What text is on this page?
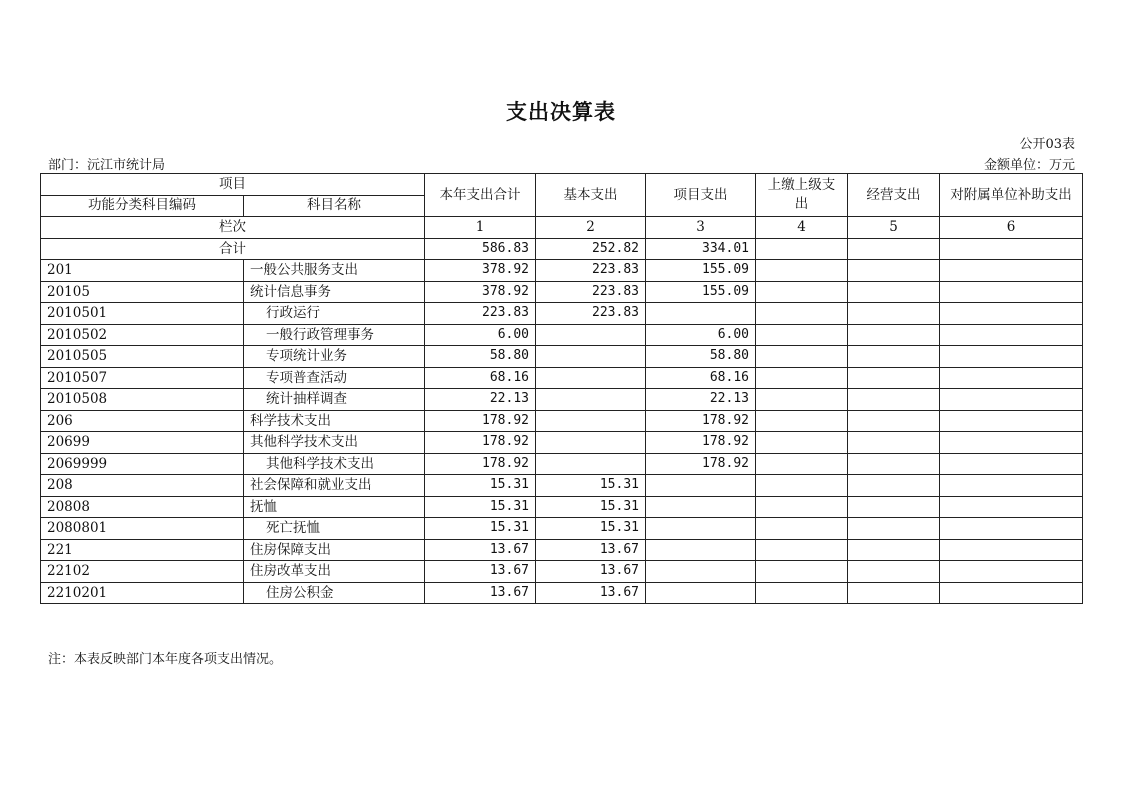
支出决算表
公开03表
部门：沅江市统计局	金额单位：万元
项目		本年支出合计	基本支出	项目支出	上缴上级支出	经营支出	对附属单位补助支出
功能分类科目编码	科目名称						
栏次		1	2	3	4	5	6
合计		586.83	252.82	334.01			
201	一般公共服务支出	378.92	223.83	155.09			
20105	统计信息事务	378.92	223.83	155.09			
2010501	行政运行	223.83	223.83				
2010502	一般行政管理事务	6.00		6.00			
2010505	专项统计业务	58.80		58.80			
2010507	专项普查活动	68.16		68.16			
2010508	统计抽样调查	22.13		22.13			
206	科学技术支出	178.92		178.92			
20699	其他科学技术支出	178.92		178.92			
2069999	其他科学技术支出	178.92		178.92			
208	社会保障和就业支出	15.31	15.31				
20808	抚恤	15.31	15.31				
2080801	死亡抚恤	15.31	15.31				
221	住房保障支出	13.67	13.67				
22102	住房改革支出	13.67	13.67				
2210201	住房公积金	13.67	13.67				
注：本表反映部门本年度各项支出情况。
